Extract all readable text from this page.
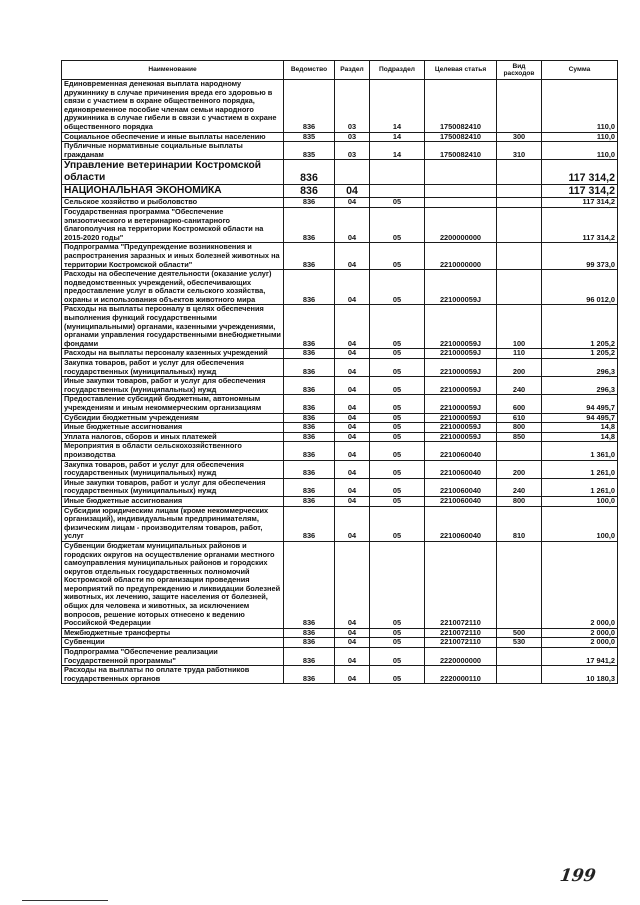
Наименование	Ведомство	Раздел	Подраздел	Целевая статья	Вид расходов	Сумма
Единовременная денежная выплата народному дружиннику в случае причинения вреда его здоровью в связи с участием в охране общественного порядка, единовременное пособие членам семьи народного дружинника в случае гибели в связи с участием в охране общественного порядка	836	03	14	1750082410		110,0
Социальное обеспечение и иные выплаты населению	835	03	14	1750082410	300	110,0
Публичные нормативные социальные выплаты гражданам	835	03	14	1750082410	310	110,0
Управление ветеринарии Костромской области	836					117 314,2
НАЦИОНАЛЬНАЯ ЭКОНОМИКА	836	04				117 314,2
Сельское хозяйство и рыболовство	836	04	05			117 314,2
Государственная программа "Обеспечение эпизоотического и ветеринарно-санитарного благополучия на территории Костромской области на 2015-2020 годы"	836	04	05	2200000000		117 314,2
Подпрограмма "Предупреждение возникновения и распространения заразных и иных болезней животных на территории Костромской области"	836	04	05	2210000000		99 373,0
Расходы на обеспечение деятельности (оказание услуг) подведомственных учреждений, обеспечивающих предоставление услуг в области сельского хозяйства, охраны и использования объектов животного мира	836	04	05	221000059J		96 012,0
Расходы на выплаты персоналу в целях обеспечения выполнения функций государственными (муниципальными) органами, казенными учреждениями, органами управления государственными внебюджетными фондами	836	04	05	221000059J	100	1 205,2
Расходы на выплаты персоналу казенных учреждений	836	04	05	221000059J	110	1 205,2
Закупка товаров, работ и услуг для обеспечения государственных (муниципальных) нужд	836	04	05	221000059J	200	296,3
Иные закупки товаров, работ и услуг для обеспечения государственных (муниципальных) нужд	836	04	05	221000059J	240	296,3
Предоставление субсидий бюджетным, автономным учреждениям и иным некоммерческим организациям	836	04	05	221000059J	600	94 495,7
Субсидии бюджетным учреждениям	836	04	05	221000059J	610	94 495,7
Иные бюджетные ассигнования	836	04	05	221000059J	800	14,8
Уплата налогов, сборов и иных платежей	836	04	05	221000059J	850	14,8
Мероприятия в области сельскохозяйственного производства	836	04	05	2210060040		1 361,0
Закупка товаров, работ и услуг для обеспечения государственных (муниципальных) нужд	836	04	05	2210060040	200	1 261,0
Иные закупки товаров, работ и услуг для обеспечения государственных (муниципальных) нужд	836	04	05	2210060040	240	1 261,0
Иные бюджетные ассигнования	836	04	05	2210060040	800	100,0
Субсидии юридическим лицам (кроме некоммерческих организаций), индивидуальным предпринимателям, физическим лицам - производителям товаров, работ, услуг	836	04	05	2210060040	810	100,0
Субвенции бюджетам муниципальных районов и городских округов на осуществление органами местного самоуправления муниципальных районов и городских округов отдельных государственных полномочий Костромской области по организации проведения мероприятий по предупреждению и ликвидации болезней животных, их лечению, защите населения от болезней, общих для человека и животных, за исключением вопросов, решение которых отнесено к ведению Российской Федерации	836	04	05	2210072110		2 000,0
Межбюджетные трансферты	836	04	05	2210072110	500	2 000,0
Субвенции	836	04	05	2210072110	530	2 000,0
Подпрограмма "Обеспечение реализации Государственной программы"	836	04	05	2220000000		17 941,2
Расходы на выплаты по оплате труда работников государственных органов	836	04	05	2220000110		10 180,3
199
